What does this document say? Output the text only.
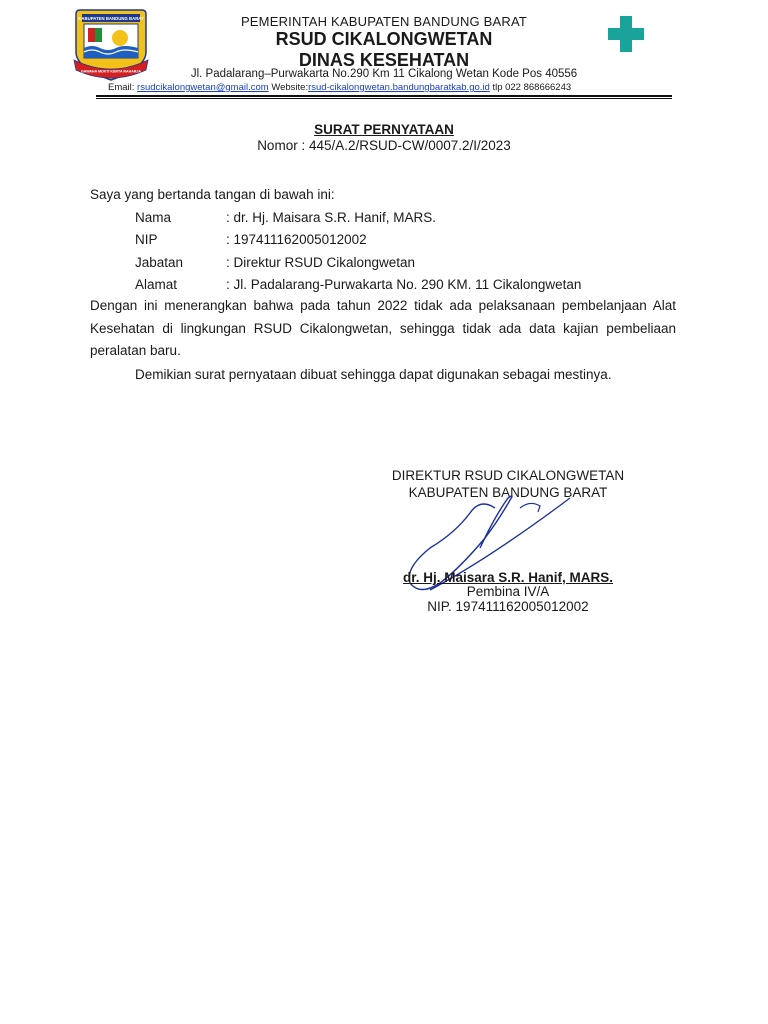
KABUPATEN BANDUNG BARAT
GAWAHA MUKTI KERTA RAHARJA
PEMERINTAH KABUPATEN BANDUNG BARAT
RSUD CIKALONGWETAN
DINAS KESEHATAN
Jl. Padalarang–Purwakarta No.290 Km 11 Cikalong Wetan Kode Pos 40556
Email: rsudcikalongwetan@gmail.com Website:rsud-cikalongwetan.bandungbaratkab.go.id tlp 022 868666243
SURAT PERNYATAAN
Nomor : 445/A.2/RSUD-CW/0007.2/I/2023
Saya yang bertanda tangan di bawah ini:
Nama	: dr. Hj. Maisara S.R. Hanif, MARS.
NIP	: 197411162005012002
Jabatan	: Direktur RSUD Cikalongwetan
Alamat	: Jl. Padalarang-Purwakarta No. 290 KM. 11 Cikalongwetan
Dengan ini menerangkan bahwa pada tahun 2022 tidak ada pelaksanaan pembelanjaan Alat Kesehatan di lingkungan RSUD Cikalongwetan, sehingga tidak ada data kajian pembeliaan peralatan baru.
Demikian surat pernyataan dibuat sehingga dapat digunakan sebagai mestinya.
DIREKTUR RSUD CIKALONGWETAN
KABUPATEN BANDUNG BARAT
dr. Hj. Maisara S.R. Hanif, MARS.
Pembina IV/A
NIP. 197411162005012002
